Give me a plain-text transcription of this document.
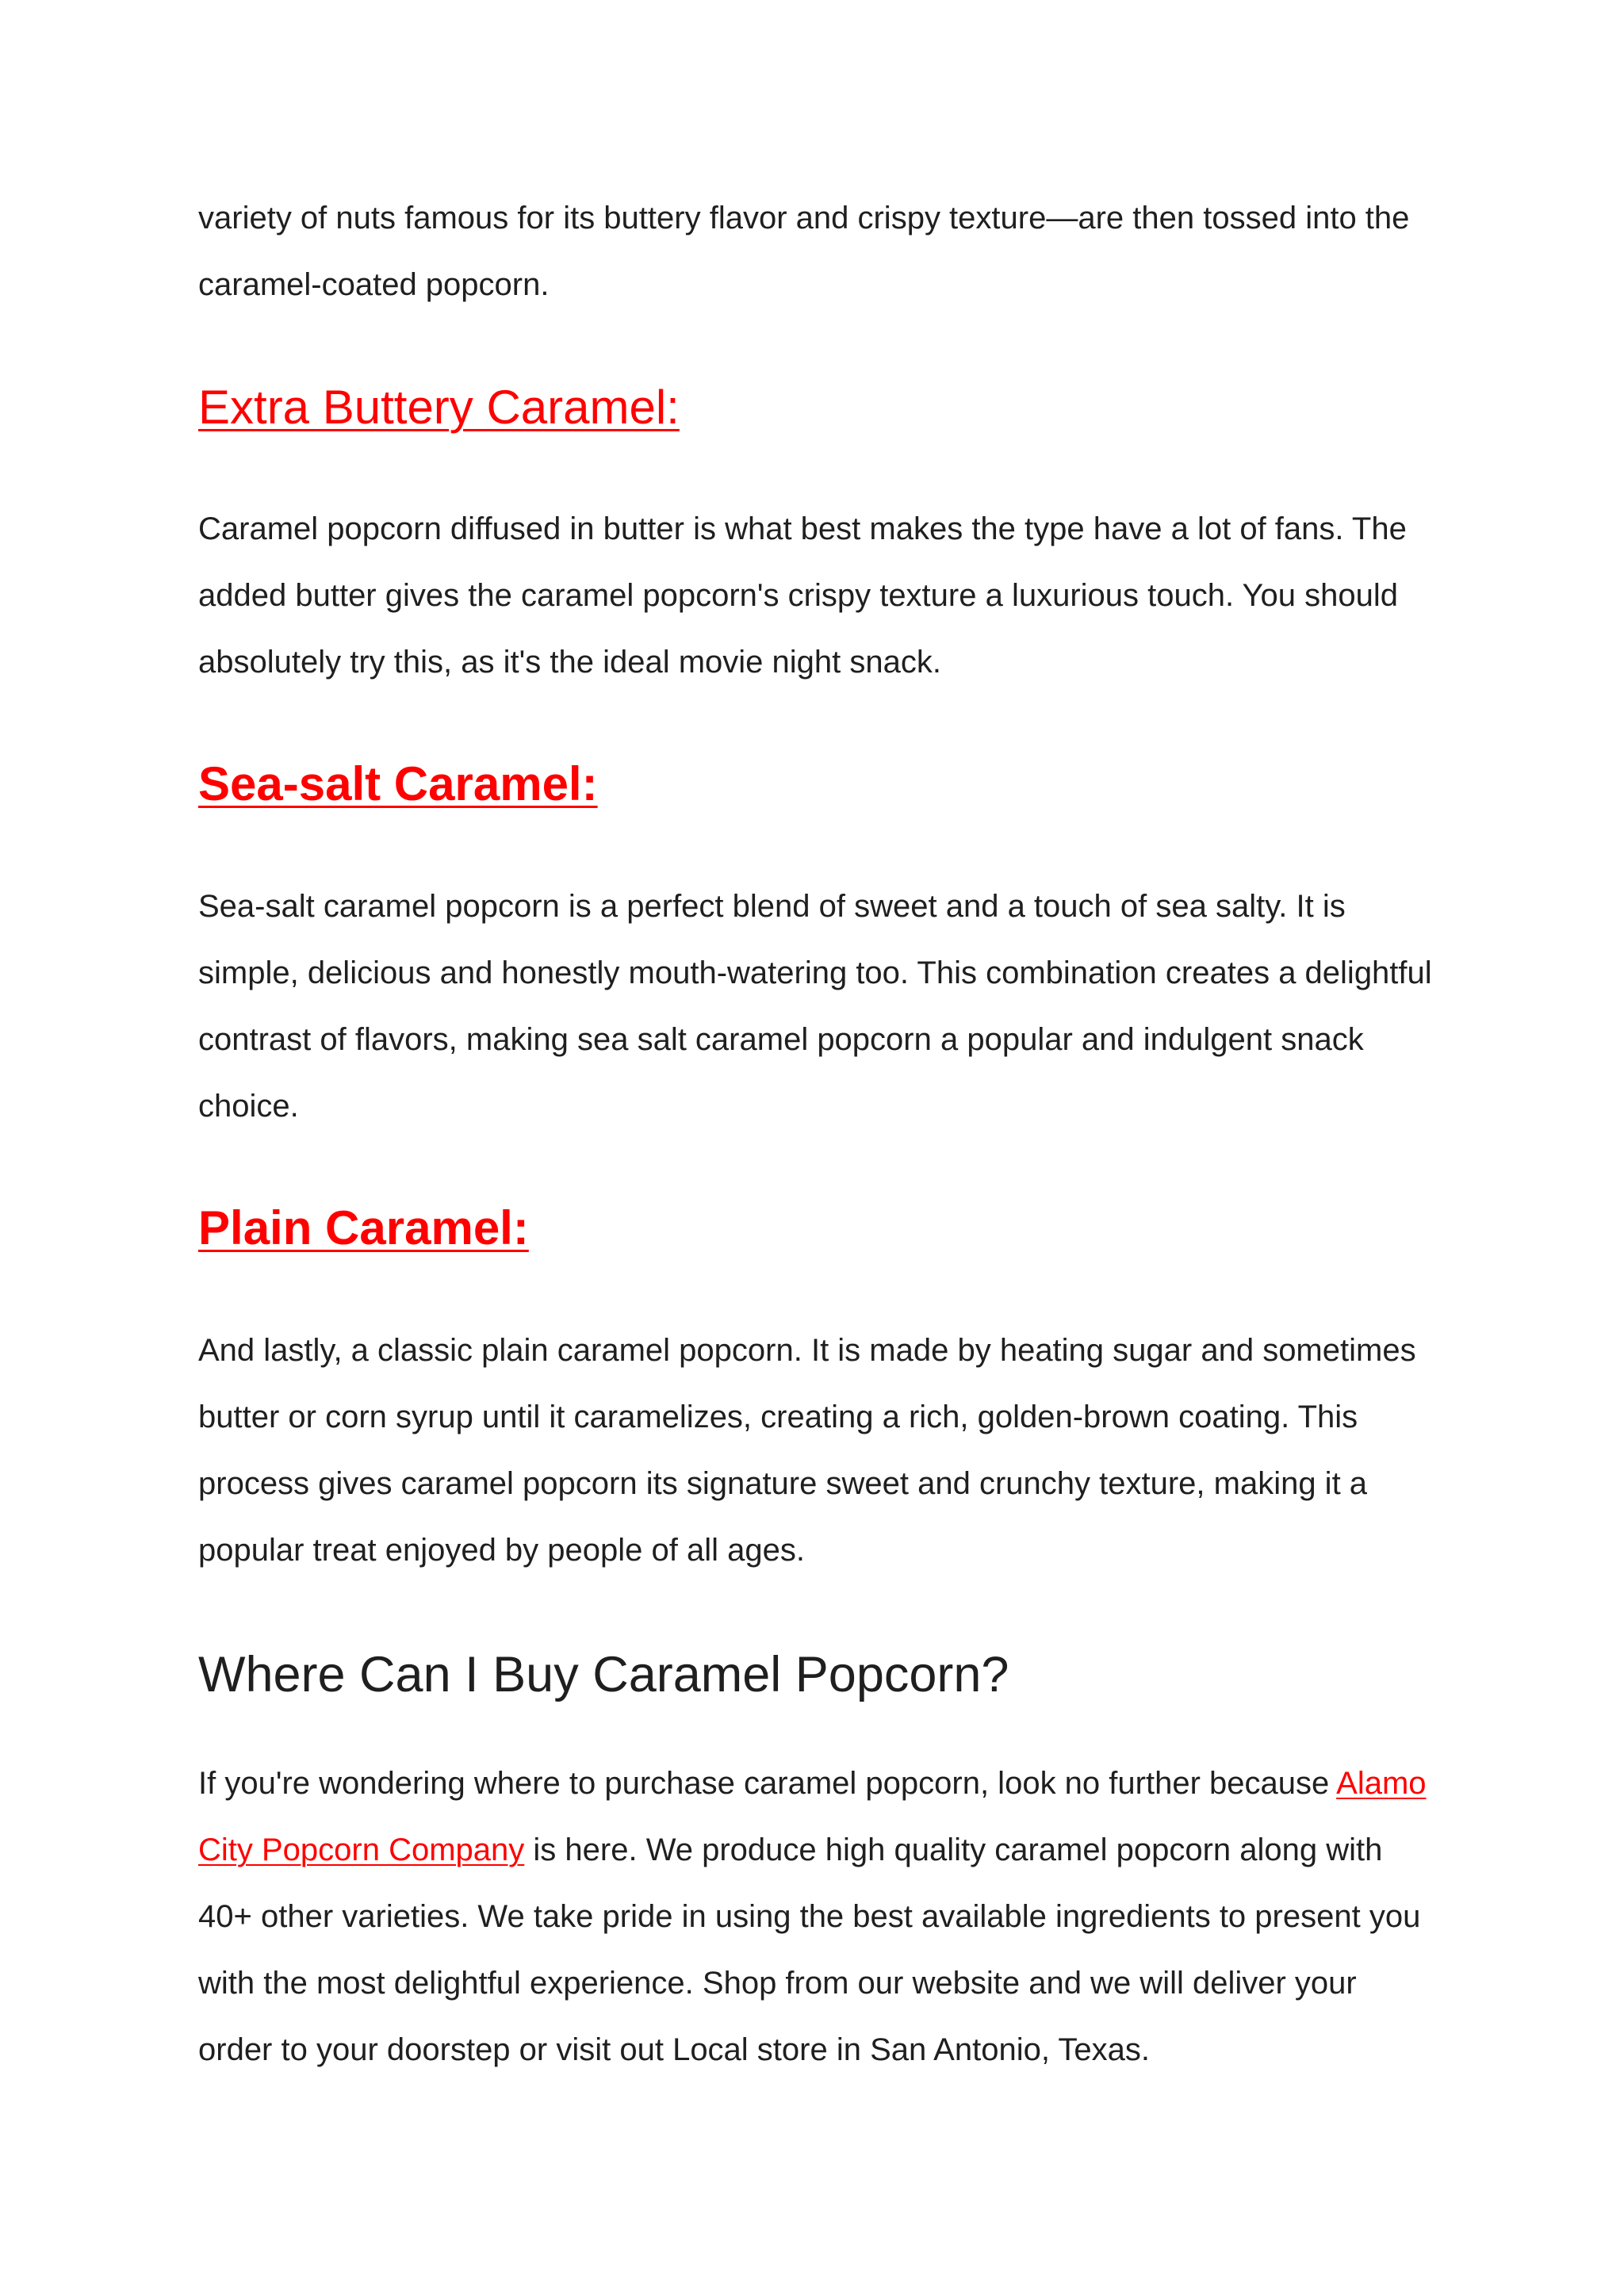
variety of nuts famous for its buttery flavor and crispy texture—are then tossed into the caramel-coated popcorn.

Extra Buttery Caramel:

Caramel popcorn diffused in butter is what best makes the type have a lot of fans. The added butter gives the caramel popcorn's crispy texture a luxurious touch. You should absolutely try this, as it's the ideal movie night snack.

Sea-salt Caramel:

Sea-salt caramel popcorn is a perfect blend of sweet and a touch of sea salty. It is simple, delicious and honestly mouth-watering too. This combination creates a delightful contrast of flavors, making sea salt caramel popcorn a popular and indulgent snack choice.

Plain Caramel:

And lastly, a classic plain caramel popcorn. It is made by heating sugar and sometimes butter or corn syrup until it caramelizes, creating a rich, golden-brown coating. This process gives caramel popcorn its signature sweet and crunchy texture, making it a popular treat enjoyed by people of all ages.

Where Can I Buy Caramel Popcorn?

If you're wondering where to purchase caramel popcorn, look no further because Alamo City Popcorn Company is here. We produce high quality caramel popcorn along with 40+ other varieties. We take pride in using the best available ingredients to present you with the most delightful experience. Shop from our website and we will deliver your order to your doorstep or visit out Local store in San Antonio, Texas.
